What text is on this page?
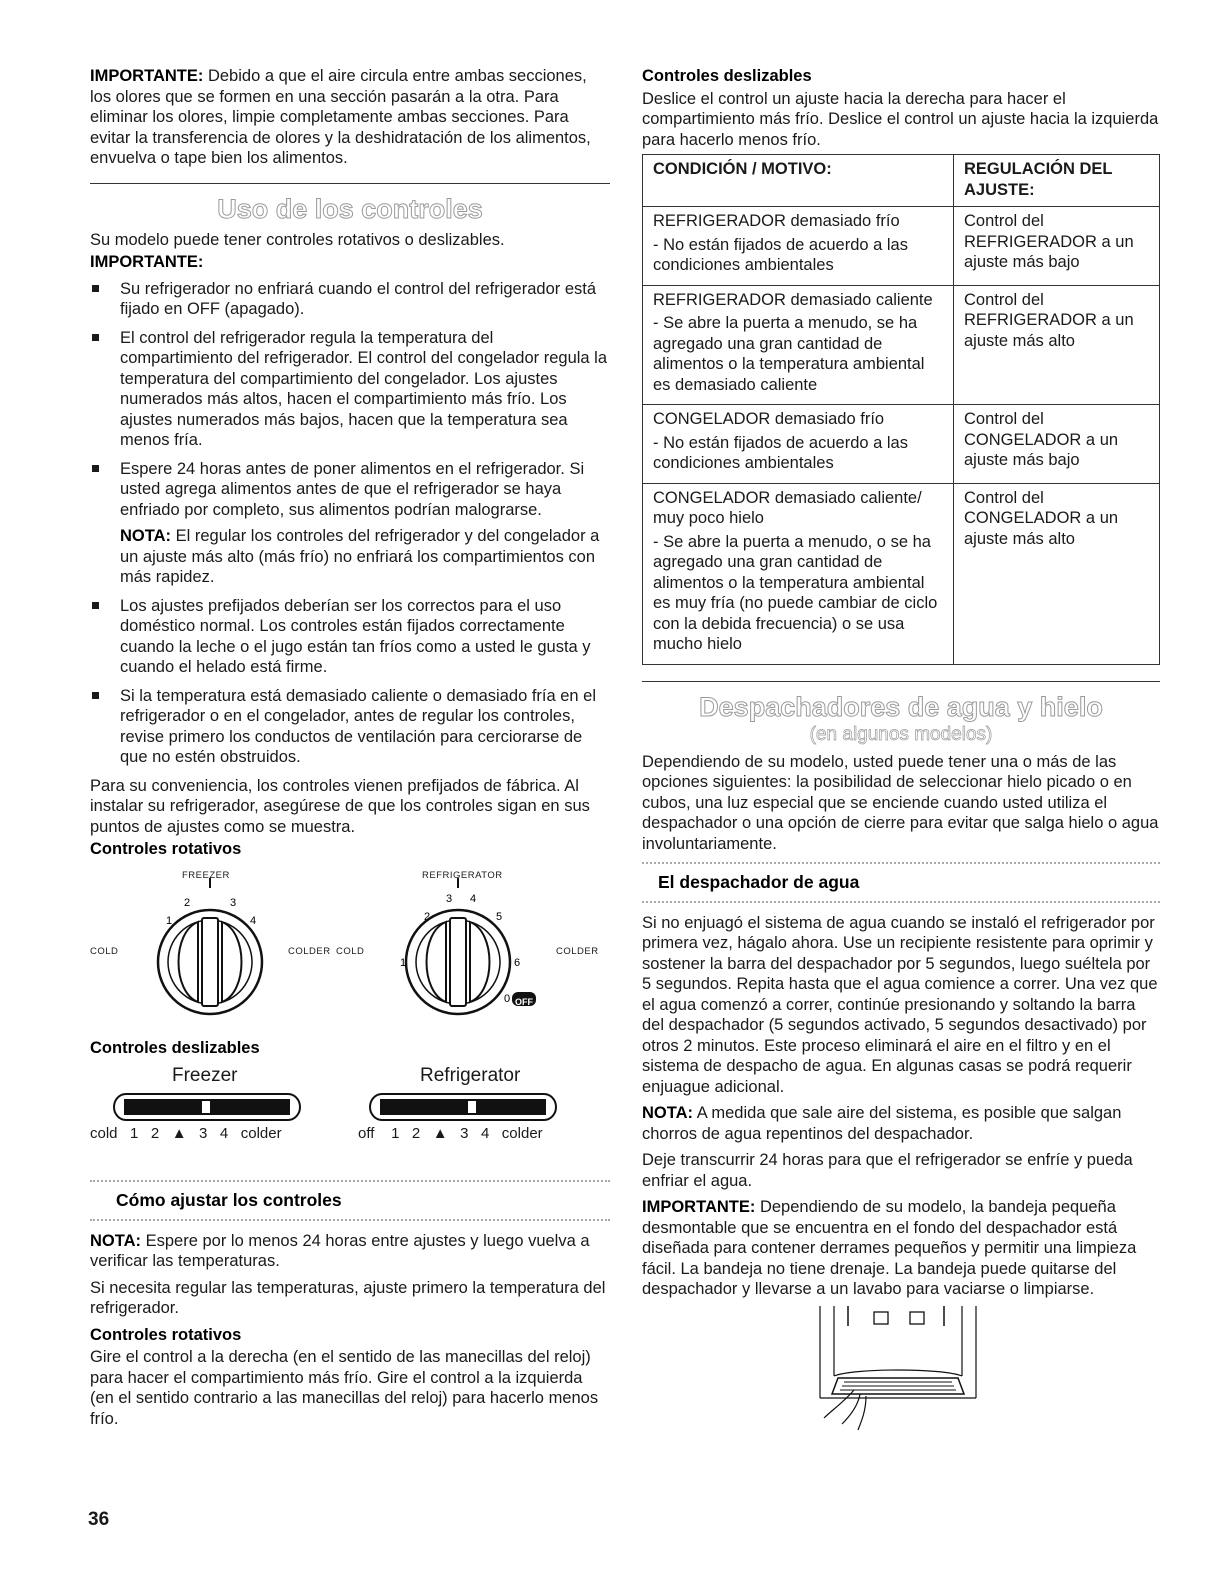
IMPORTANTE: Debido a que el aire circula entre ambas secciones, los olores que se formen en una sección pasarán a la otra. Para eliminar los olores, limpie completamente ambas secciones. Para evitar la transferencia de olores y la deshidratación de los alimentos, envuelva o tape bien los alimentos.

Uso de los controles

Su modelo puede tener controles rotativos o deslizables.

IMPORTANTE:

Su refrigerador no enfriará cuando el control del refrigerador está fijado en OFF (apagado).
El control del refrigerador regula la temperatura del compartimiento del refrigerador. El control del congelador regula la temperatura del compartimiento del congelador. Los ajustes numerados más altos, hacen el compartimiento más frío. Los ajustes numerados más bajos, hacen que la temperatura sea menos fría.
Espere 24 horas antes de poner alimentos en el refrigerador. Si usted agrega alimentos antes de que el refrigerador se haya enfriado por completo, sus alimentos podrían malograrse.

NOTA: El regular los controles del refrigerador y del congelador a un ajuste más alto (más frío) no enfriará los compartimientos con más rapidez.

Los ajustes prefijados deberían ser los correctos para el uso doméstico normal. Los controles están fijados correctamente cuando la leche o el jugo están tan fríos como a usted le gusta y cuando el helado está firme.
Si la temperatura está demasiado caliente o demasiado fría en el refrigerador o en el congelador, antes de regular los controles, revise primero los conductos de ventilación para cerciorarse de que no estén obstruidos.

Para su conveniencia, los controles vienen prefijados de fábrica. Al instalar su refrigerador, asegúrese de que los controles sigan en sus puntos de ajustes como se muestra.

Controles rotativos

FREEZER	REFRIGERATOR
COLD	COLDER COLD	COLDER
2	3
1	4
3 4
2	5
1	6
0 OFF

Controles deslizables

Freezer	Refrigerator
cold   1   2   ▲   3   4   colder	off    1   2   ▲   3   4   colder
Cómo ajustar los controles

NOTA: Espere por lo menos 24 horas entre ajustes y luego vuelva a verificar las temperaturas.

Si necesita regular las temperaturas, ajuste primero la temperatura del refrigerador.

Controles rotativos

Gire el control a la derecha (en el sentido de las manecillas del reloj) para hacer el compartimiento más frío. Gire el control a la izquierda (en el sentido contrario a las manecillas del reloj) para hacerlo menos frío.

Controles deslizables

Deslice el control un ajuste hacia la derecha para hacer el compartimiento más frío. Deslice el control un ajuste hacia la izquierda para hacerlo menos frío.

CONDICIÓN / MOTIVO:	REGULACIÓN DEL AJUSTE:

REFRIGERADOR demasiado frío

- No están fijados de acuerdo a las condiciones ambientales	Control del REFRIGERADOR a un ajuste más bajo

REFRIGERADOR demasiado caliente

- Se abre la puerta a menudo, se ha agregado una gran cantidad de alimentos o la temperatura ambiental es demasiado caliente	Control del REFRIGERADOR a un ajuste más alto

CONGELADOR demasiado frío

- No están fijados de acuerdo a las condiciones ambientales	Control del CONGELADOR a un ajuste más bajo

CONGELADOR demasiado caliente/ muy poco hielo

- Se abre la puerta a menudo, o se ha agregado una gran cantidad de alimentos o la temperatura ambiental es muy fría (no puede cambiar de ciclo con la debida frecuencia) o se usa mucho hielo	Control del CONGELADOR a un ajuste más alto
Despachadores de agua y hielo

(en algunos modelos)

Dependiendo de su modelo, usted puede tener una o más de las opciones siguientes: la posibilidad de seleccionar hielo picado o en cubos, una luz especial que se enciende cuando usted utiliza el despachador o una opción de cierre para evitar que salga hielo o agua involuntariamente.

El despachador de agua

Si no enjuagó el sistema de agua cuando se instaló el refrigerador por primera vez, hágalo ahora. Use un recipiente resistente para oprimir y sostener la barra del despachador por 5 segundos, luego suéltela por 5 segundos. Repita hasta que el agua comience a correr. Una vez que el agua comenzó a correr, continúe presionando y soltando la barra del despachador (5 segundos activado, 5 segundos desactivado) por otros 2 minutos. Este proceso eliminará el aire en el filtro y en el sistema de despacho de agua. En algunas casas se podrá requerir enjuague adicional.

NOTA: A medida que sale aire del sistema, es posible que salgan chorros de agua repentinos del despachador.

Deje transcurrir 24 horas para que el refrigerador se enfríe y pueda enfriar el agua.

IMPORTANTE: Dependiendo de su modelo, la bandeja pequeña desmontable que se encuentra en el fondo del despachador está diseñada para contener derrames pequeños y permitir una limpieza fácil. La bandeja no tiene drenaje. La bandeja puede quitarse del despachador y llevarse a un lavabo para vaciarse o limpiarse.

36
